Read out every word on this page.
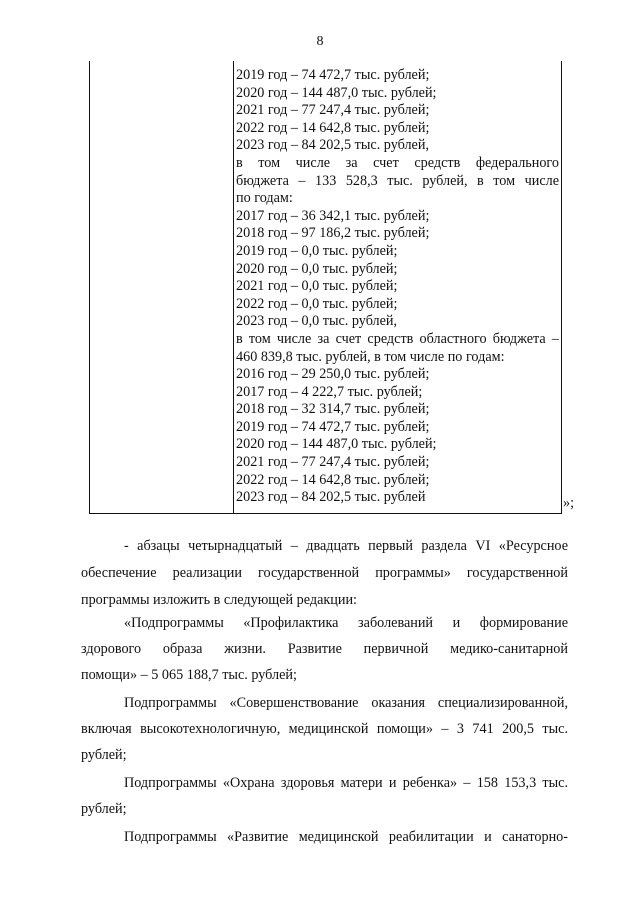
8
2019 год – 74 472,7 тыс. рублей;
2020 год – 144 487,0 тыс. рублей;
2021 год – 77 247,4 тыс. рублей;
2022 год – 14 642,8 тыс. рублей;
2023 год – 84 202,5 тыс. рублей,
в том числе за счет средств федерального
бюджета – 133 528,3 тыс. рублей, в том числе
по годам:
2017 год – 36 342,1 тыс. рублей;
2018 год – 97 186,2 тыс. рублей;
2019 год – 0,0 тыс. рублей;
2020 год – 0,0 тыс. рублей;
2021 год – 0,0 тыс. рублей;
2022 год – 0,0 тыс. рублей;
2023 год – 0,0 тыс. рублей,
в том числе за счет средств областного бюджета –
460 839,8 тыс. рублей, в том числе по годам:
2016 год – 29 250,0 тыс. рублей;
2017 год – 4 222,7 тыс. рублей;
2018 год – 32 314,7 тыс. рублей;
2019 год – 74 472,7 тыс. рублей;
2020 год – 144 487,0 тыс. рублей;
2021 год – 77 247,4 тыс. рублей;
2022 год – 14 642,8 тыс. рублей;
2023 год – 84 202,5 тыс. рублей	»;
- абзацы четырнадцатый – двадцать первый раздела VI «Ресурсное
обеспечение реализации государственной программы» государственной
программы изложить в следующей редакции:
«Подпрограммы «Профилактика заболеваний и формирование
здорового образа жизни. Развитие первичной медико-санитарной
помощи» – 5 065 188,7 тыс. рублей;
Подпрограммы «Совершенствование оказания специализированной,
включая высокотехнологичную, медицинской помощи» – 3 741 200,5 тыс.
рублей;
Подпрограммы «Охрана здоровья матери и ребенка» – 158 153,3 тыс.
рублей;
Подпрограммы «Развитие медицинской реабилитации и санаторно-
